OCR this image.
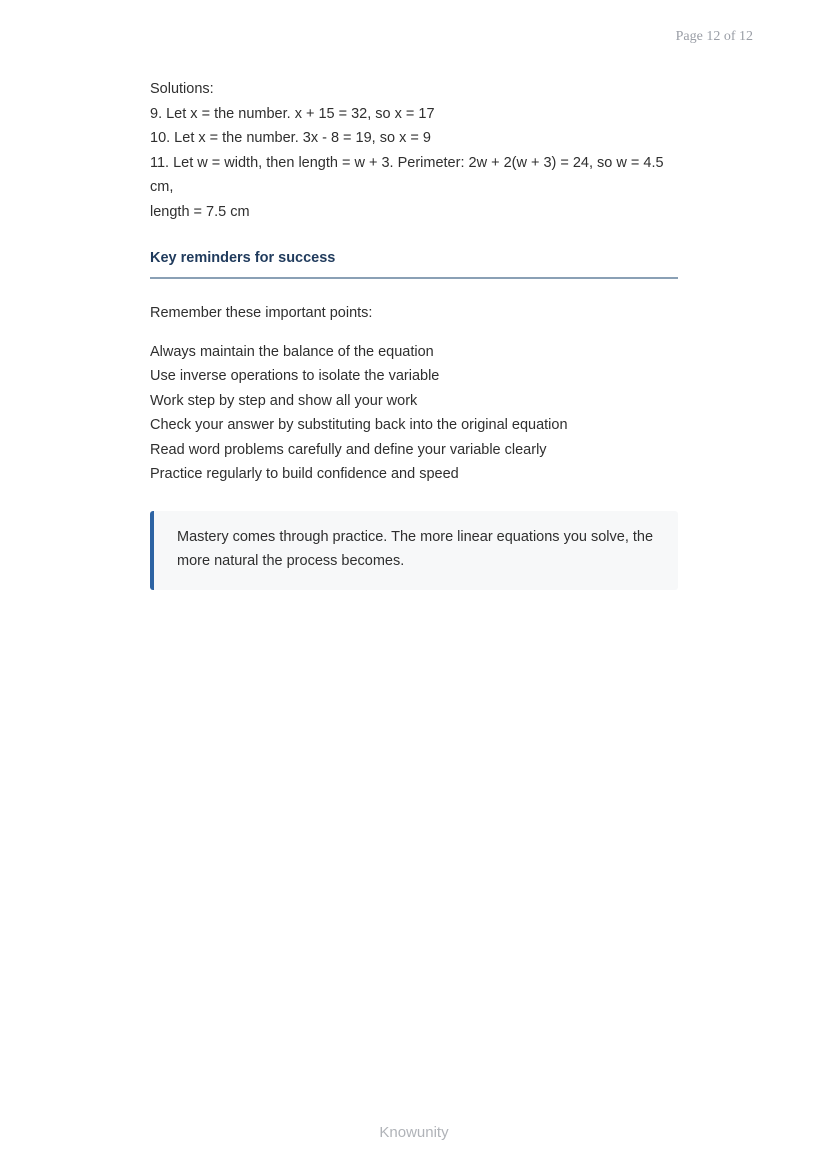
Page 12 of 12

Solutions:

9. Let x = the number. x + 15 = 32, so x = 17

10. Let x = the number. 3x - 8 = 19, so x = 9

11. Let w = width, then length = w + 3. Perimeter: 2w + 2(w + 3) = 24, so w = 4.5 cm,

length = 7.5 cm

Key reminders for success

Remember these important points:

Always maintain the balance of the equation

Use inverse operations to isolate the variable

Work step by step and show all your work

Check your answer by substituting back into the original equation

Read word problems carefully and define your variable clearly

Practice regularly to build confidence and speed

Mastery comes through practice. The more linear equations you solve, the more natural the process becomes.

Knowunity
